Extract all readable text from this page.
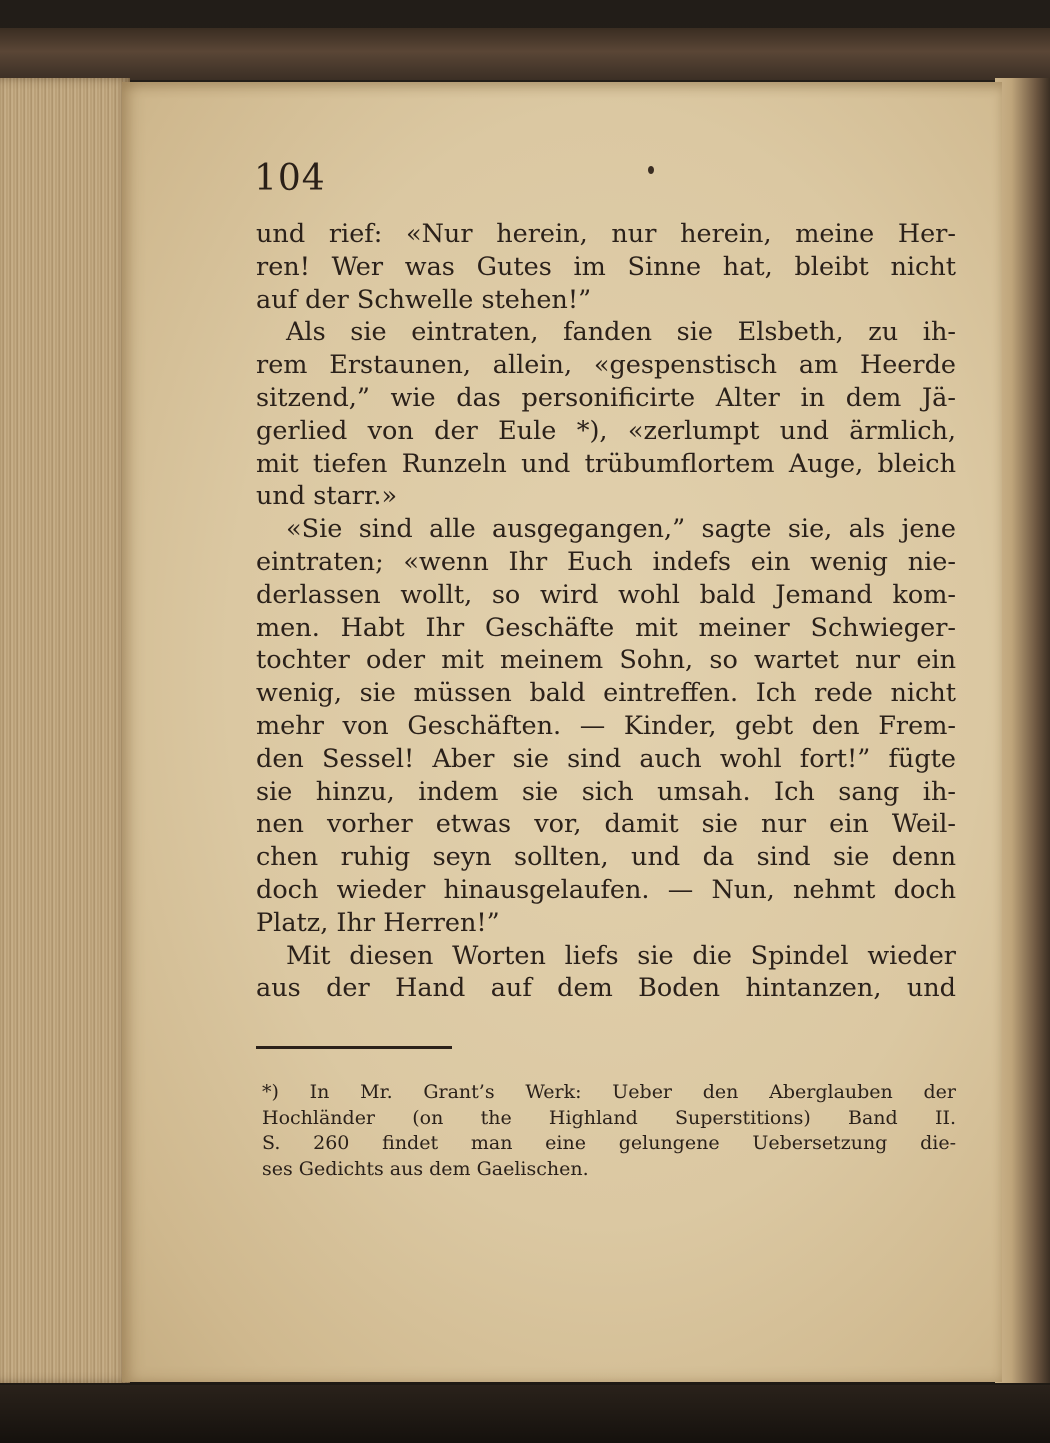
104
und rief: «Nur herein, nur herein, meine Her-
ren! Wer was Gutes im Sinne hat, bleibt nicht
auf der Schwelle stehen!”
Als sie eintraten, fanden sie Elsbeth, zu ih-
rem Erstaunen, allein, «gespenstisch am Heerde
sitzend,” wie das personificirte Alter in dem Jä-
gerlied von der Eule *), «zerlumpt und ärmlich,
mit tiefen Runzeln und trübumflortem Auge, bleich
und starr.»
«Sie sind alle ausgegangen,” sagte sie, als jene
eintraten; «wenn Ihr Euch indefs ein wenig nie-
derlassen wollt, so wird wohl bald Jemand kom-
men. Habt Ihr Geschäfte mit meiner Schwieger-
tochter oder mit meinem Sohn, so wartet nur ein
wenig, sie müssen bald eintreffen. Ich rede nicht
mehr von Geschäften. — Kinder, gebt den Frem-
den Sessel! Aber sie sind auch wohl fort!” fügte
sie hinzu, indem sie sich umsah. Ich sang ih-
nen vorher etwas vor, damit sie nur ein Weil-
chen ruhig seyn sollten, und da sind sie denn
doch wieder hinausgelaufen. — Nun, nehmt doch
Platz, Ihr Herren!”
Mit diesen Worten liefs sie die Spindel wieder
aus der Hand auf dem Boden hintanzen, und
*) In Mr. Grant’s Werk: Ueber den Aberglauben der
Hochländer (on the Highland Superstitions) Band II.
S. 260 findet man eine gelungene Uebersetzung die-
ses Gedichts aus dem Gaelischen.
